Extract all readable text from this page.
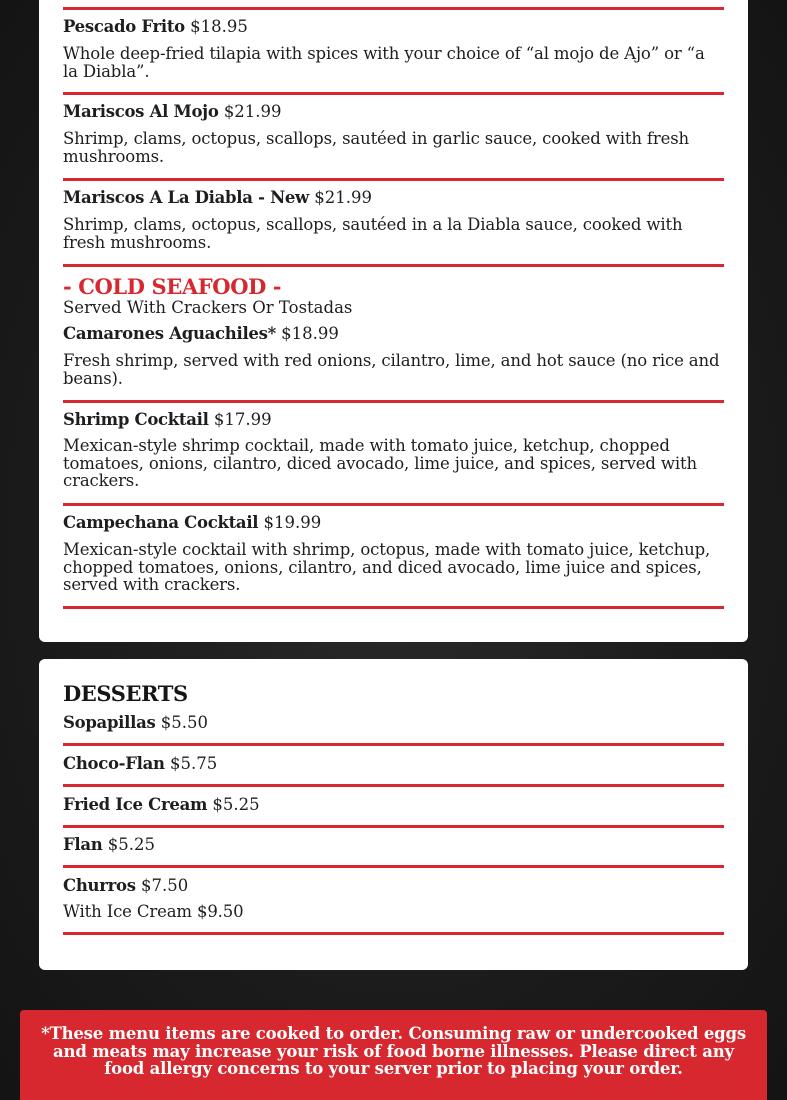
Pescado Frito $18.95
Whole deep-fried tilapia with spices with your choice of “al mojo de Ajo” or “a la Diabla”.
Mariscos Al Mojo $21.99
Shrimp, clams, octopus, scallops, sautéed in garlic sauce, cooked with fresh mushrooms.
Mariscos A La Diabla - New $21.99
Shrimp, clams, octopus, scallops, sautéed in a la Diabla sauce, cooked with fresh mushrooms.
- COLD SEAFOOD -
Served With Crackers Or Tostadas
Camarones Aguachiles* $18.99
Fresh shrimp, served with red onions, cilantro, lime, and hot sauce (no rice and beans).
Shrimp Cocktail $17.99
Mexican-style shrimp cocktail, made with tomato juice, ketchup, chopped tomatoes, onions, cilantro, diced avocado, lime juice, and spices, served with crackers.
Campechana Cocktail $19.99
Mexican-style cocktail with shrimp, octopus, made with tomato juice, ketchup, chopped tomatoes, onions, cilantro, and diced avocado, lime juice and spices, served with crackers.
DESSERTS
Sopapillas $5.50
Choco-Flan $5.75
Fried Ice Cream $5.25
Flan $5.25
Churros $7.50
With Ice Cream $9.50
*These menu items are cooked to order. Consuming raw or undercooked eggs and meats may increase your risk of food borne illnesses. Please direct any food allergy concerns to your server prior to placing your order.
